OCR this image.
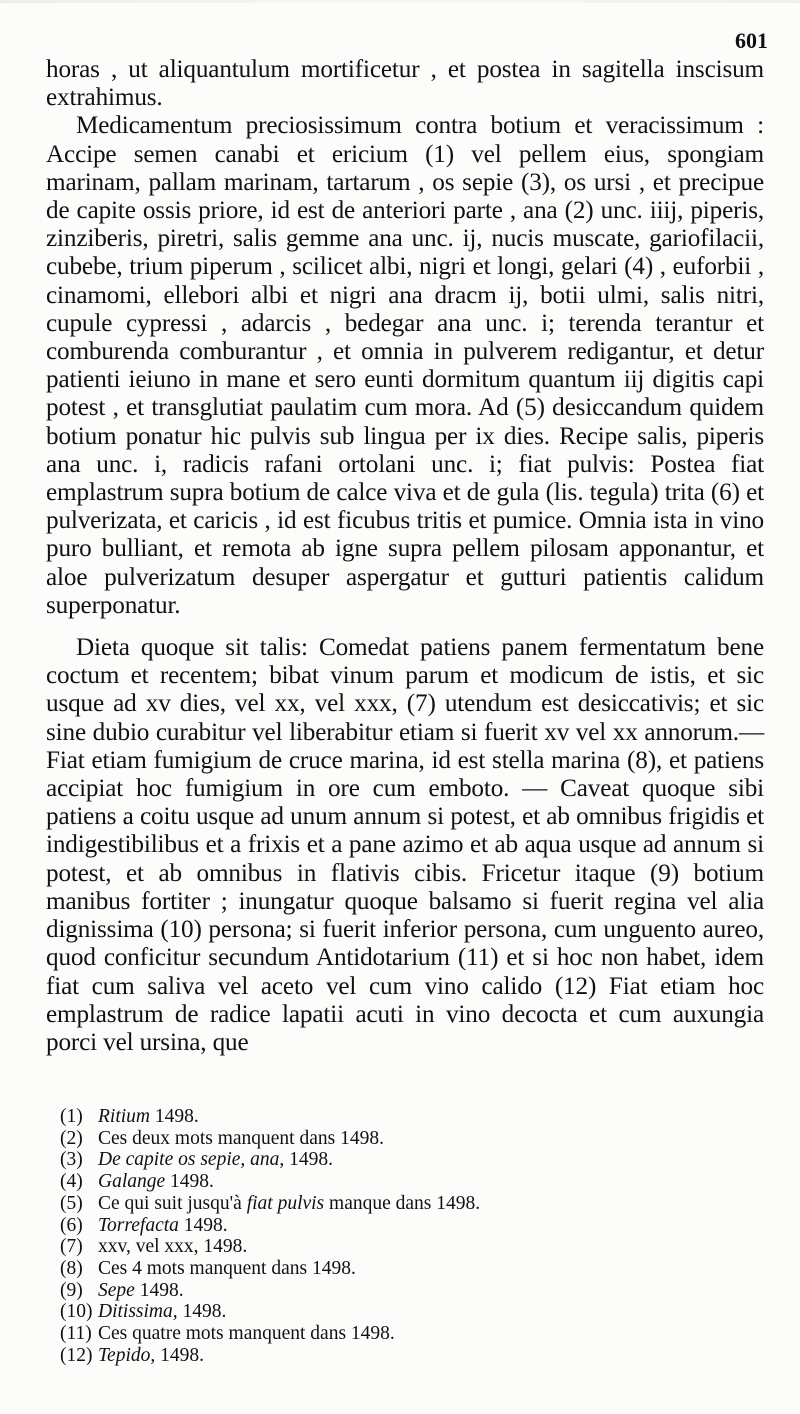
601

horas , ut aliquantulum mortificetur , et postea in sagitella inscisum extrahimus.

Medicamentum preciosissimum contra botium et veracissimum : Accipe semen canabi et ericium (1) vel pellem eius, spongiam marinam, pallam marinam, tartarum , os sepie (3), os ursi , et precipue de capite ossis priore, id est de anteriori parte , ana (2) unc. iiij, piperis, zinziberis, piretri, salis gemme ana unc. ij, nucis muscate, gariofilacii, cubebe, trium piperum , scilicet albi, nigri et longi, gelari (4) , euforbii , cinamomi, ellebori albi et nigri ana dracm ij, botii ulmi, salis nitri, cupule cypressi , adarcis , bedegar ana unc. i; terenda terantur et comburenda comburantur , et omnia in pulverem redigantur, et detur patienti ieiuno in mane et sero eunti dormitum quantum iij digitis capi potest , et transglutiat paulatim cum mora. Ad (5) desiccandum quidem botium ponatur hic pulvis sub lingua per ix dies. Recipe salis, piperis ana unc. i, radicis rafani ortolani unc. i; fiat pulvis: Postea fiat emplastrum supra botium de calce viva et de gula (lis. tegula) trita (6) et pulverizata, et caricis , id est ficubus tritis et pumice. Omnia ista in vino puro bulliant, et remota ab igne supra pellem pilosam apponantur, et aloe pulverizatum desuper aspergatur et gutturi patientis calidum superponatur.

Dieta quoque sit talis: Comedat patiens panem fermentatum bene coctum et recentem; bibat vinum parum et modicum de istis, et sic usque ad xv dies, vel xx, vel xxx, (7) utendum est desiccativis; et sic sine dubio curabitur vel liberabitur etiam si fuerit xv vel xx annorum.— Fiat etiam fumigium de cruce marina, id est stella marina (8), et patiens accipiat hoc fumigium in ore cum emboto. — Caveat quoque sibi patiens a coitu usque ad unum annum si potest, et ab omnibus frigidis et indigestibilibus et a frixis et a pane azimo et ab aqua usque ad annum si potest, et ab omnibus in flativis cibis. Fricetur itaque (9) botium manibus fortiter ; inungatur quoque balsamo si fuerit regina vel alia dignissima (10) persona; si fuerit inferior persona, cum unguento aureo, quod conficitur secundum Antidotarium (11) et si hoc non habet, idem fiat cum saliva vel aceto vel cum vino calido (12) Fiat etiam hoc emplastrum de radice lapatii acuti in vino decocta et cum auxungia porci vel ursina, que

(1) Ritium 1498.
(2) Ces deux mots manquent dans 1498.
(3) De capite os sepie, ana, 1498.
(4) Galange 1498.
(5) Ce qui suit jusqu'à fiat pulvis manque dans 1498.
(6) Torrefacta 1498.
(7) xxv, vel xxx, 1498.
(8) Ces 4 mots manquent dans 1498.
(9) Sepe 1498.
(10) Ditissima, 1498.
(11) Ces quatre mots manquent dans 1498.
(12) Tepido, 1498.
